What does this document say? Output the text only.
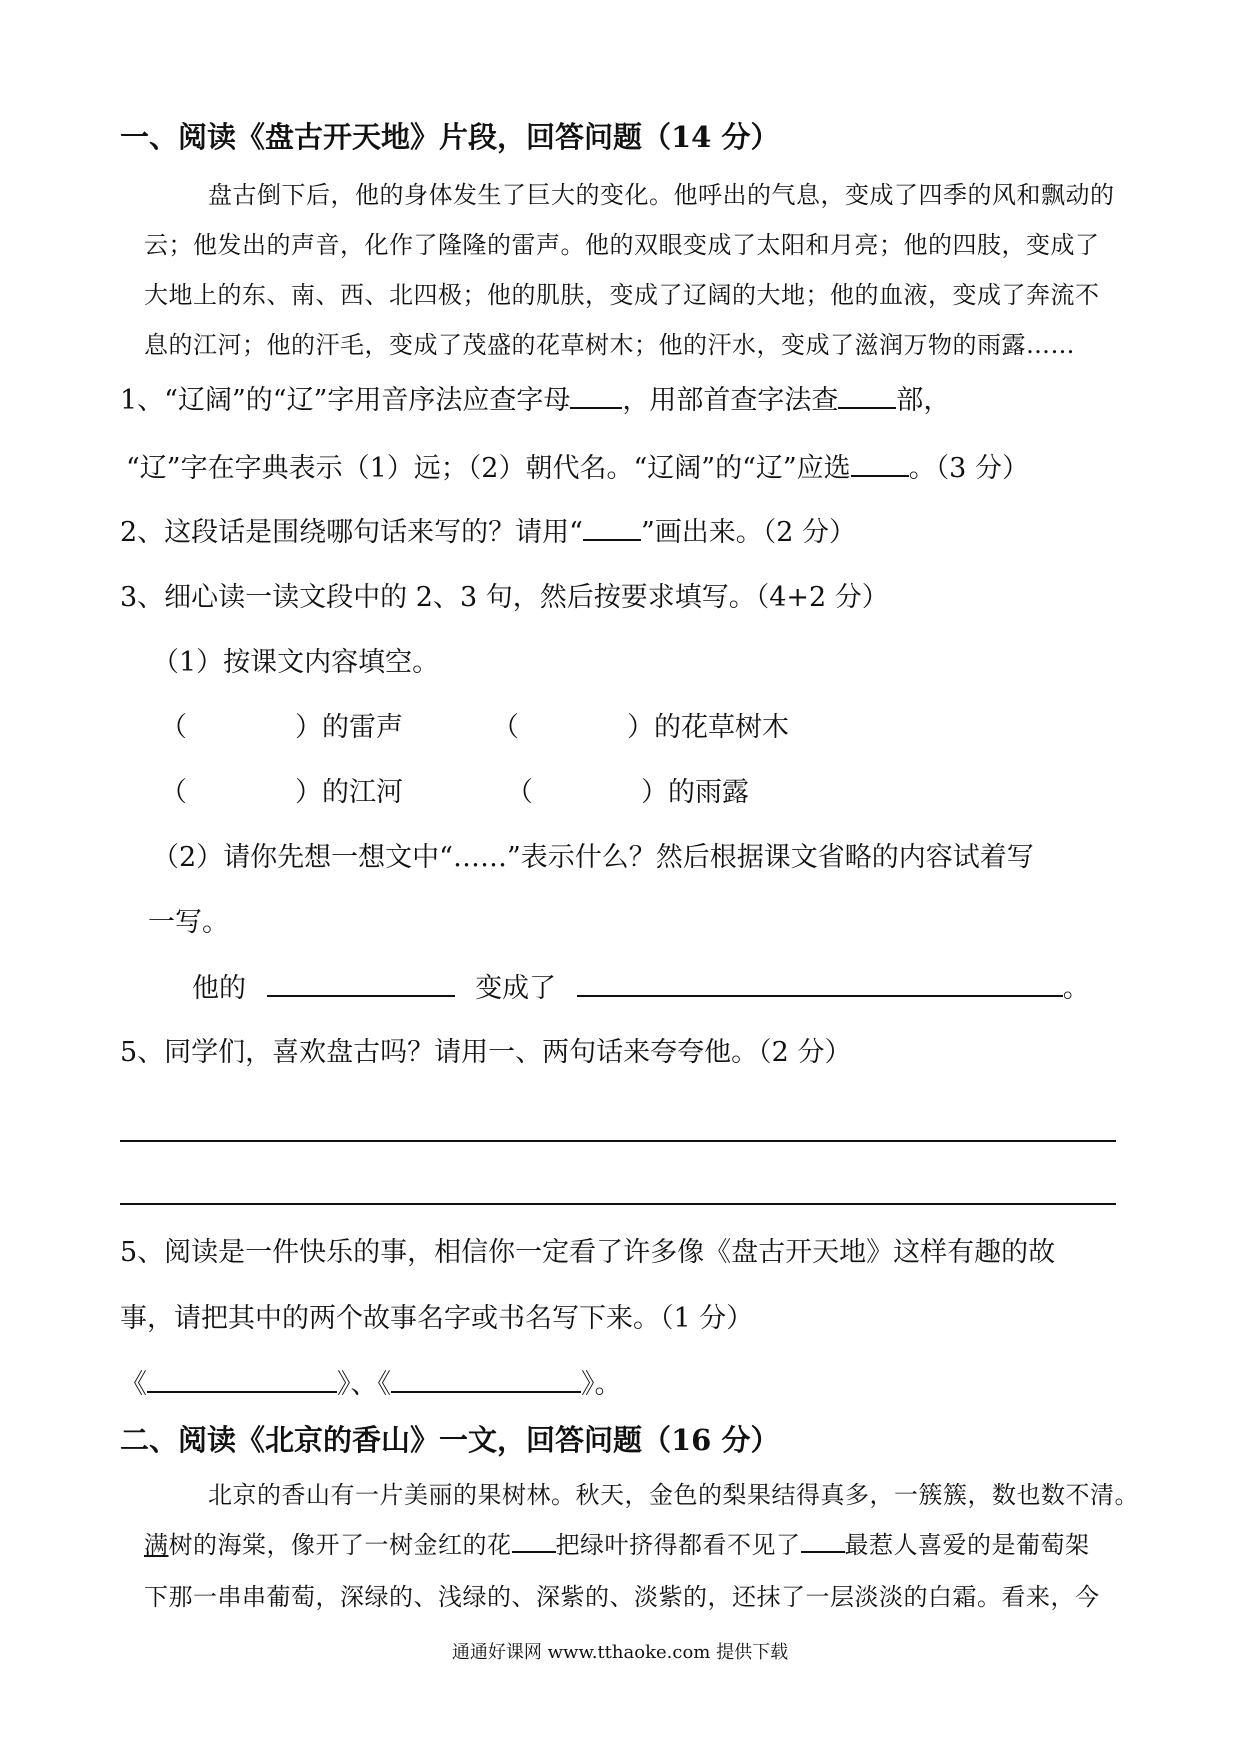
一、阅读《盘古开天地》片段，回答问题（14 分）
盘古倒下后，他的身体发生了巨大的变化。他呼出的气息，变成了四季的风和飘动的
云；他发出的声音，化作了隆隆的雷声。他的双眼变成了太阳和月亮；他的四肢，变成了
大地上的东、南、西、北四极；他的肌肤，变成了辽阔的大地；他的血液，变成了奔流不
息的江河；他的汗毛，变成了茂盛的花草树木；他的汗水，变成了滋润万物的雨露……
1、“辽阔”的“辽”字用音序法应查字母 ，用部首查字法查 部，
“辽”字在字典表示（1）远；（2）朝代名。“辽阔”的“辽”应选 。（3 分）
2、这段话是围绕哪句话来写的？请用“ ”画出来。（2 分）
3、细心读一读文段中的 2、3 句，然后按要求填写。（4+2 分）
（1）按课文内容填空。
（	）的雷声	（	）的花草树木
（	）的江河	（	）的雨露
（2）请你先想一想文中“……”表示什么？然后根据课文省略的内容试着写
一写。
他的	变成了	。
5、同学们，喜欢盘古吗？请用一、两句话来夸夸他。（2 分）
5、阅读是一件快乐的事，相信你一定看了许多像《盘古开天地》这样有趣的故
事，请把其中的两个故事名字或书名写下来。（1 分）
《	》、《	》。
二、阅读《北京的香山》一文，回答问题（16 分）
北京的香山有一片美丽的果树林。秋天，金色的梨果结得真多，一簇簇，数也数不清。
满树的海棠，像开了一树金红的花 把绿叶挤得都看不见了 最惹人喜爱的是葡萄架
下那一串串葡萄，深绿的、浅绿的、深紫的、淡紫的，还抹了一层淡淡的白霜。看来，今
通通好课网 www.tthaoke.com 提供下载
